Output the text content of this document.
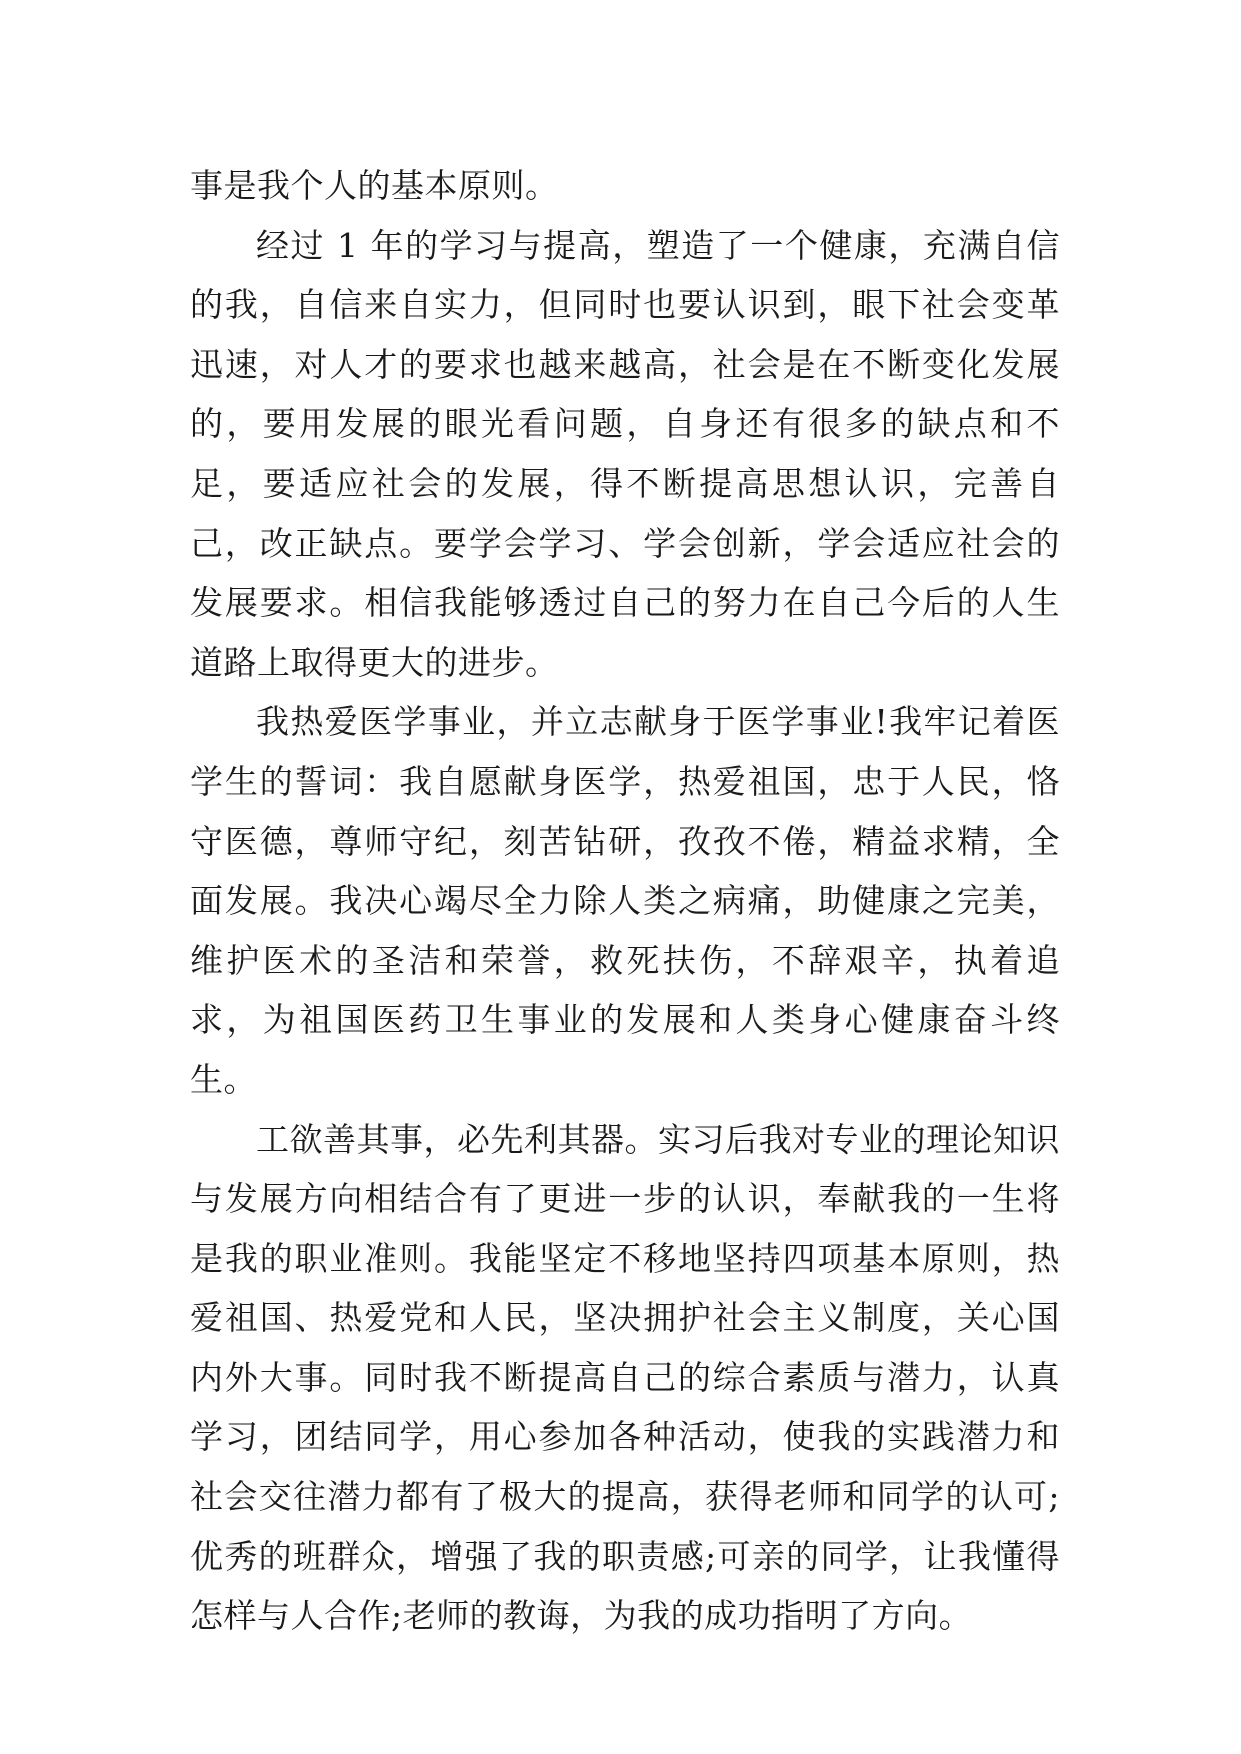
事是我个人的基本原则。

经过 1 年的学习与提高，塑造了一个健康，充满自信的我，自信来自实力，但同时也要认识到，眼下社会变革迅速，对人才的要求也越来越高，社会是在不断变化发展的，要用发展的眼光看问题，自身还有很多的缺点和不足，要适应社会的发展，得不断提高思想认识，完善自己，改正缺点。要学会学习、学会创新，学会适应社会的发展要求。相信我能够透过自己的努力在自己今后的人生道路上取得更大的进步。

我热爱医学事业，并立志献身于医学事业!我牢记着医学生的誓词：我自愿献身医学，热爱祖国，忠于人民，恪守医德，尊师守纪，刻苦钻研，孜孜不倦，精益求精，全面发展。我决心竭尽全力除人类之病痛，助健康之完美，维护医术的圣洁和荣誉，救死扶伤，不辞艰辛，执着追求，为祖国医药卫生事业的发展和人类身心健康奋斗终生。

工欲善其事，必先利其器。实习后我对专业的理论知识与发展方向相结合有了更进一步的认识，奉献我的一生将是我的职业准则。我能坚定不移地坚持四项基本原则，热爱祖国、热爱党和人民，坚决拥护社会主义制度，关心国内外大事。同时我不断提高自己的综合素质与潜力，认真学习，团结同学，用心参加各种活动，使我的实践潜力和社会交往潜力都有了极大的提高，获得老师和同学的认可;优秀的班群众，增强了我的职责感;可亲的同学，让我懂得怎样与人合作;老师的教诲，为我的成功指明了方向。
